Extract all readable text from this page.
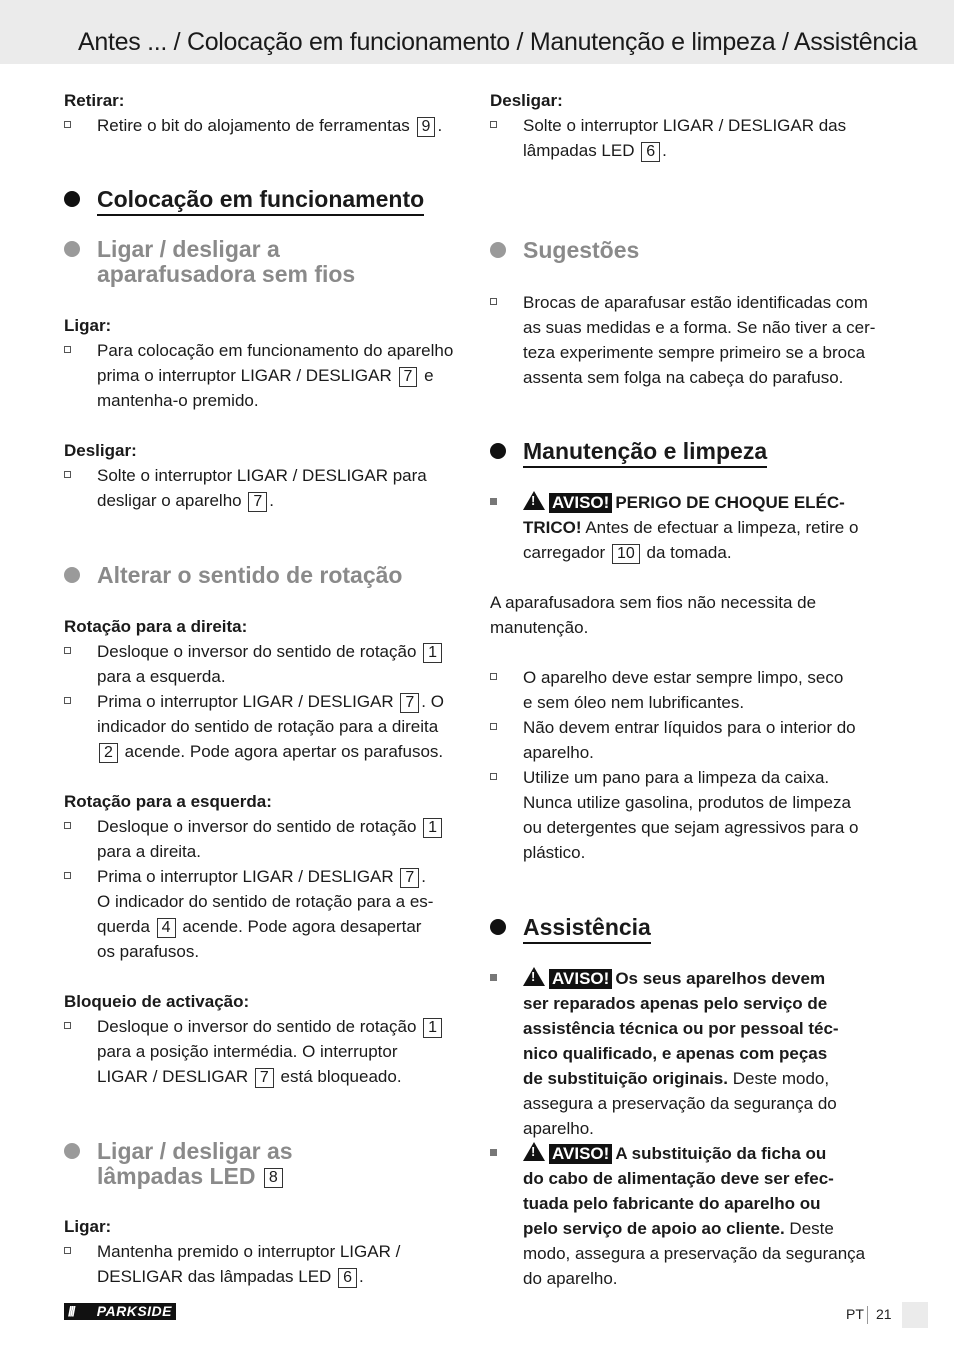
Antes ... / Colocação em funcionamento / Manutenção e limpeza / Assistência

Retirar:

Retire o bit do alojamento de ferramentas 9 .

Colocação em funcionamento

Ligar / desligar a

aparafusadora sem fios

Ligar:

Para colocação em funcionamento do aparelho
prima o interruptor LIGAR / DESLIGAR 7 e
mantenha-o premido.

Desligar:

Solte o interruptor LIGAR / DESLIGAR para
desligar o aparelho 7 .

Alterar o sentido de rotação

Rotação para a direita:

Desloque o inversor do sentido de rotação 1
para a esquerda.

Prima o interruptor LIGAR / DESLIGAR 7 . O
indicador do sentido de rotação para a direita
2 acende. Pode agora apertar os parafusos.

Rotação para a esquerda:

Desloque o inversor do sentido de rotação 1
para a direita.

Prima o interruptor LIGAR / DESLIGAR 7 .
O indicador do sentido de rotação para a es-
querda 4 acende. Pode agora desapertar
os parafusos.

Bloqueio de activação:

Desloque o inversor do sentido de rotação 1
para a posição intermédia. O interruptor
LIGAR / DESLIGAR 7 está bloqueado.

Ligar / desligar as

lâmpadas LED 8

Ligar:

Mantenha premido o interruptor LIGAR /
DESLIGAR das lâmpadas LED 6 .

Desligar:

Solte o interruptor LIGAR / DESLIGAR das
lâmpadas LED 6 .

Sugestões

Brocas de aparafusar estão identificadas com
as suas medidas e a forma. Se não tiver a cer-
teza experimente sempre primeiro se a broca
assenta sem folga na cabeça do parafuso.

Manutenção e limpeza

!AVISO! PERIGO DE CHOQUE ELÉC-
TRICO! Antes de efectuar a limpeza, retire o
carregador 10 da tomada.

A aparafusadora sem fios não necessita de
manutenção.

O aparelho deve estar sempre limpo, seco
e sem óleo nem lubrificantes.

Não devem entrar líquidos para o interior do
aparelho.

Utilize um pano para a limpeza da caixa.
Nunca utilize gasolina, produtos de limpeza
ou detergentes que sejam agressivos para o
plástico.

Assistência

!AVISO! Os seus aparelhos devem
ser reparados apenas pelo serviço de
assistência técnica ou por pessoal téc-
nico qualificado, e apenas com peças
de substituição originais. Deste modo,
assegura a preservação da segurança do
aparelho.

!AVISO! A substituição da ficha ou
do cabo de alimentação deve ser efec-
tuada pelo fabricante do aparelho ou
pelo serviço de apoio ao cliente. Deste
modo, assegura a preservação da segurança
do aparelho.

/// PARKSIDE	PT 21
